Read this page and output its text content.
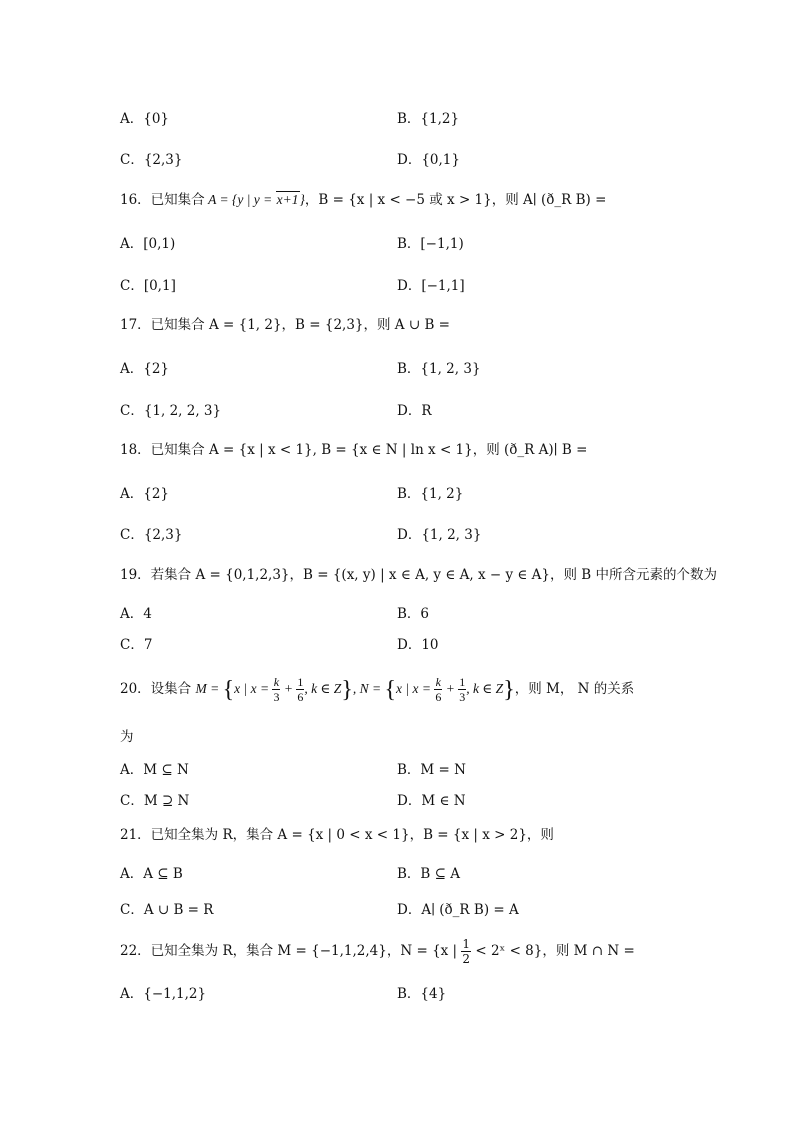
A．{0}	B．{1,2}
C．{2,3}	D．{0,1}
16．已知集合 A = {y | y = x+1}，B = {x | x < −5 或 x > 1}，则 A∣ (ð_R B) =
A．[0,1)	B．[−1,1)
C．[0,1]	D．[−1,1]
17．已知集合 A = {1, 2}，B = {2,3}，则 A ∪ B =
A．{2}	B．{1, 2, 3}
C．{1, 2, 2, 3}	D．R
18．已知集合 A = {x | x < 1}, B = {x ∈ N | ln x < 1}，则 (ð_R A)∣ B =
A．{2}	B．{1, 2}
C．{2,3}	D．{1, 2, 3}
19．若集合 A = {0,1,2,3}，B = {(x, y) | x ∈ A, y ∈ A, x − y ∈ A}，则 B 中所含元素的个数为
A．4	B．6
C．7	D．10
20．设集合 M = {x | $x = \frac{k}{3} + \frac{1}{6}$ , k ∈ Z}, N = {x | $x = \frac{k}{6} + \frac{1}{3}$ , k ∈ Z}，则 M， N 的关系
为
A．M ⊆ N	B．M = N
C．M ⊇ N	D．M ∈ N
21．已知全集为 R，集合 A = {x | 0 < x < 1}，B = {x | x > 2}，则
A．A ⊆ B	B．B ⊆ A
C．A ∪ B = R	D．A∣ (ð_R B) = A
22．已知全集为 R，集合 M = {−1,1,2,4}，N = {x | $\frac{1}{2}$ < 2ˣ < 8}，则 M ∩ N =
A．{−1,1,2}	B．{4}
